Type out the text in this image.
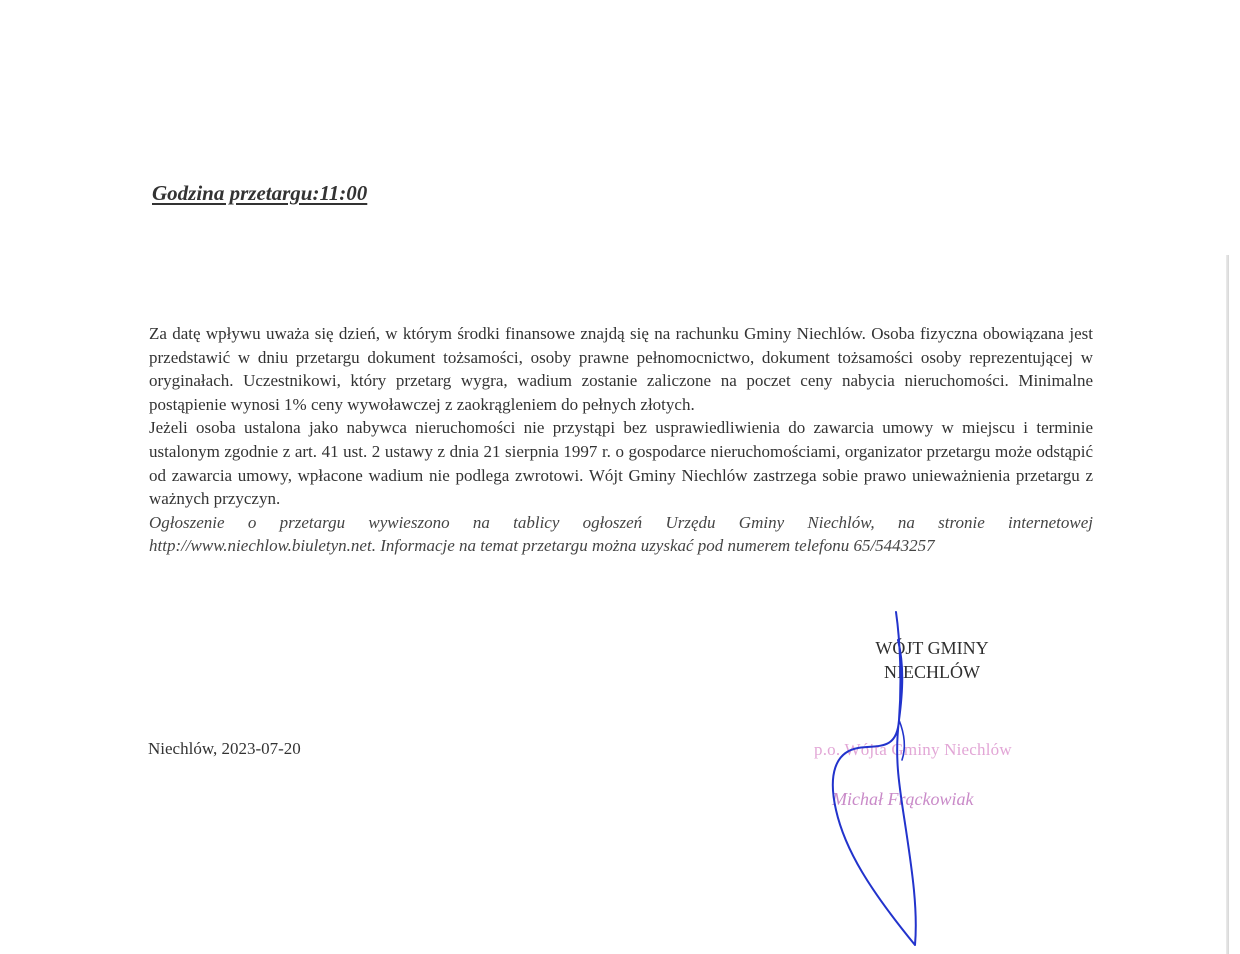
Godzina przetargu:11:00

Za datę wpływu uważa się dzień, w którym środki finansowe znajdą się na rachunku Gminy Niechlów. Osoba fizyczna obowiązana jest przedstawić w dniu przetargu dokument tożsamości, osoby prawne pełnomocnictwo, dokument tożsamości osoby reprezentującej w oryginałach. Uczestnikowi, który przetarg wygra, wadium zostanie zaliczone na poczet ceny nabycia nieruchomości. Minimalne postąpienie wynosi 1% ceny wywoławczej z zaokrągleniem do pełnych złotych.

Jeżeli osoba ustalona jako nabywca nieruchomości nie przystąpi bez usprawiedliwienia do zawarcia umowy w miejscu i terminie ustalonym zgodnie z art. 41 ust. 2 ustawy z dnia 21 sierpnia 1997 r. o gospodarce nieruchomościami, organizator przetargu może odstąpić od zawarcia umowy, wpłacone wadium nie podlega zwrotowi. Wójt Gminy Niechlów zastrzega sobie prawo unieważnienia przetargu z ważnych przyczyn.

Ogłoszenie o przetargu wywieszono na tablicy ogłoszeń Urzędu Gminy Niechlów, na stronie internetowej http://www.niechlow.biuletyn.net. Informacje na temat przetargu można uzyskać pod numerem telefonu 65/5443257

Niechlów, 2023-07-20
WÓJT GMINY
NIECHLÓW
p.o. Wójta Gminy Niechlów
Michał Frąckowiak
